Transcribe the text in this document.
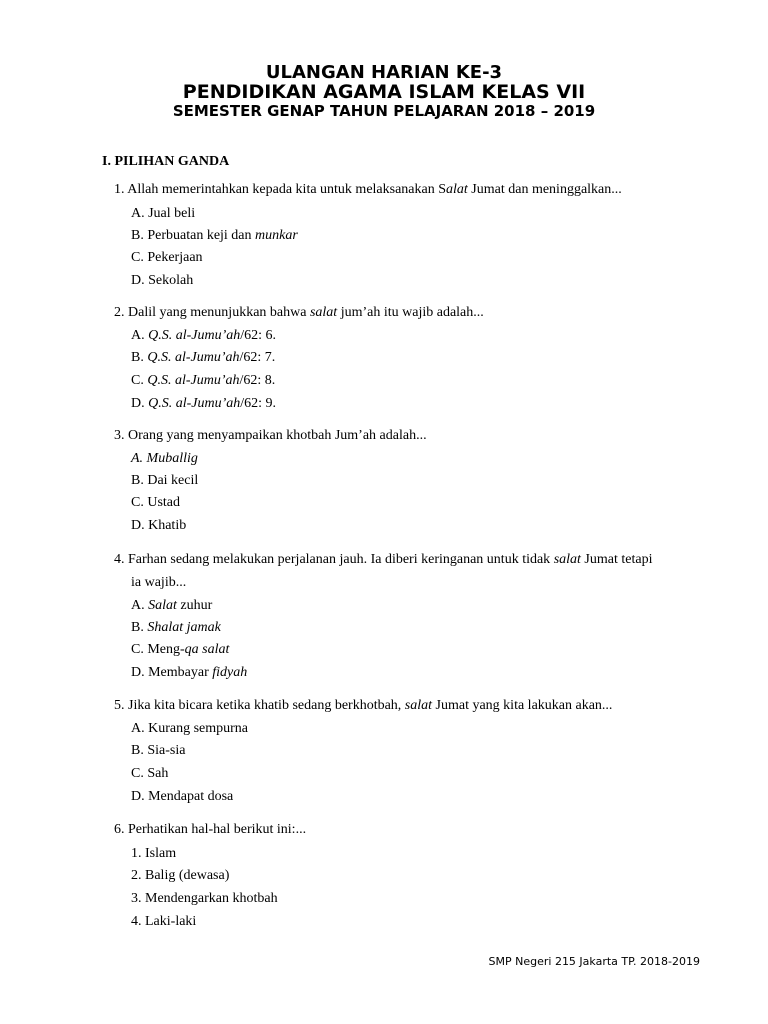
ULANGAN HARIAN KE-3
PENDIDIKAN AGAMA ISLAM KELAS VII
SEMESTER GENAP TAHUN PELAJARAN 2018 – 2019
I. PILIHAN GANDA
1. Allah memerintahkan kepada kita untuk melaksanakan Salat Jumat dan meninggalkan...
A. Jual beli
B. Perbuatan keji dan munkar
C. Pekerjaan
D. Sekolah
2. Dalil yang menunjukkan bahwa salat jum’ah itu wajib adalah...
A. Q.S. al-Jumu’ah/62: 6.
B. Q.S. al-Jumu’ah/62: 7.
C. Q.S. al-Jumu’ah/62: 8.
D. Q.S. al-Jumu’ah/62: 9.
3. Orang yang menyampaikan khotbah Jum’ah adalah...
A. Muballig
B. Dai kecil
C. Ustad
D. Khatib
4. Farhan sedang melakukan perjalanan jauh. Ia diberi keringanan untuk tidak salat Jumat tetapi
ia wajib...
A. Salat zuhur
B. Shalat jamak
C. Meng-qa salat
D. Membayar fidyah
5. Jika kita bicara ketika khatib sedang berkhotbah, salat Jumat yang kita lakukan akan...
A. Kurang sempurna
B. Sia-sia
C. Sah
D. Mendapat dosa
6. Perhatikan hal-hal berikut ini:...
1. Islam
2. Balig (dewasa)
3. Mendengarkan khotbah
4. Laki-laki
SMP Negeri 215 Jakarta TP. 2018-2019
